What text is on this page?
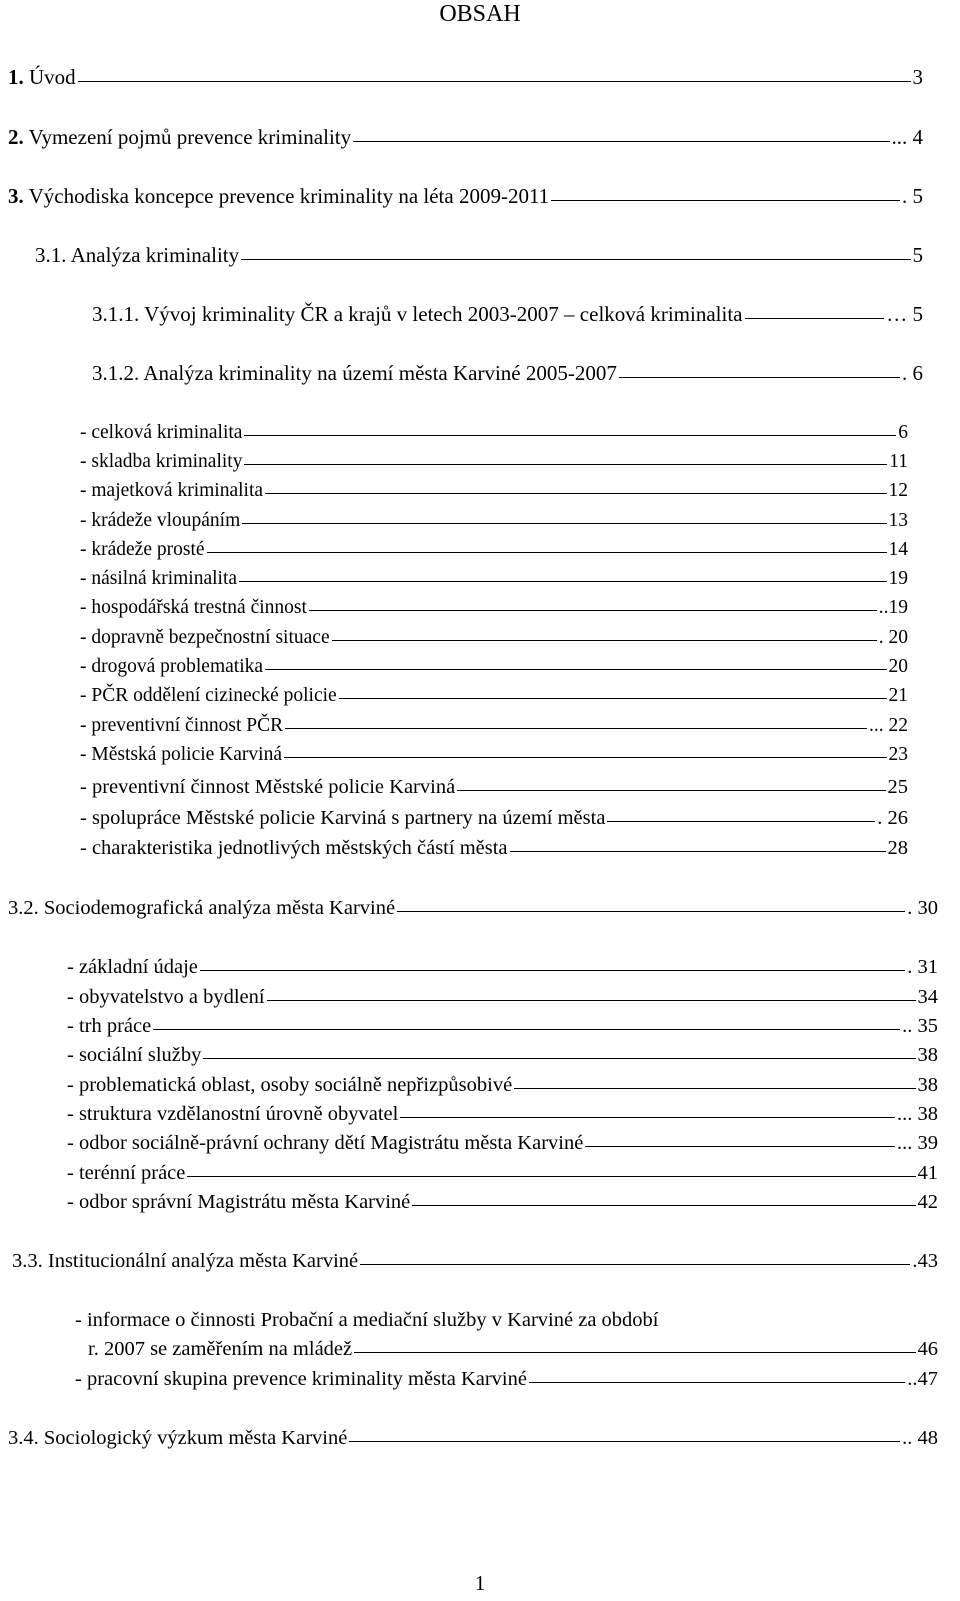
OBSAH
1. Úvod	3
2. Vymezení pojmů prevence kriminality	... 4
3. Východiska koncepce prevence kriminality na léta 2009-2011	. 5
3.1. Analýza kriminality	5
3.1.1. Vývoj kriminality ČR a krajů v letech 2003-2007 – celková kriminalita	… 5
3.1.2. Analýza kriminality na území města Karviné 2005-2007	. 6
- celková kriminalita	6
- skladba kriminality	11
- majetková kriminalita	12
- krádeže vloupáním	13
- krádeže prosté	14
- násilná kriminalita	19
- hospodářská trestná činnost	..19
- dopravně bezpečnostní situace	. 20
- drogová problematika	20
- PČR oddělení cizinecké policie	21
- preventivní činnost PČR	... 22
- Městská policie Karviná	23
- preventivní činnost Městské policie Karviná	25
- spolupráce Městské policie Karviná s partnery na území města	. 26
- charakteristika jednotlivých městských částí města	28
3.2. Sociodemografická analýza města Karviné	. 30
- základní údaje	. 31
- obyvatelstvo a bydlení	34
- trh práce	.. 35
- sociální služby	38
- problematická oblast, osoby sociálně nepřizpůsobivé	38
- struktura vzdělanostní úrovně obyvatel	... 38
- odbor sociálně-právní ochrany dětí Magistrátu města Karviné	... 39
- terénní práce	41
- odbor správní Magistrátu města Karviné	42
3.3. Institucionální analýza města Karviné	.43
- informace o činnosti Probační a mediační služby v Karviné za období
r. 2007 se zaměřením na mládež	46
- pracovní skupina prevence kriminality města Karviné	..47
3.4. Sociologický výzkum města Karviné	.. 48
1
